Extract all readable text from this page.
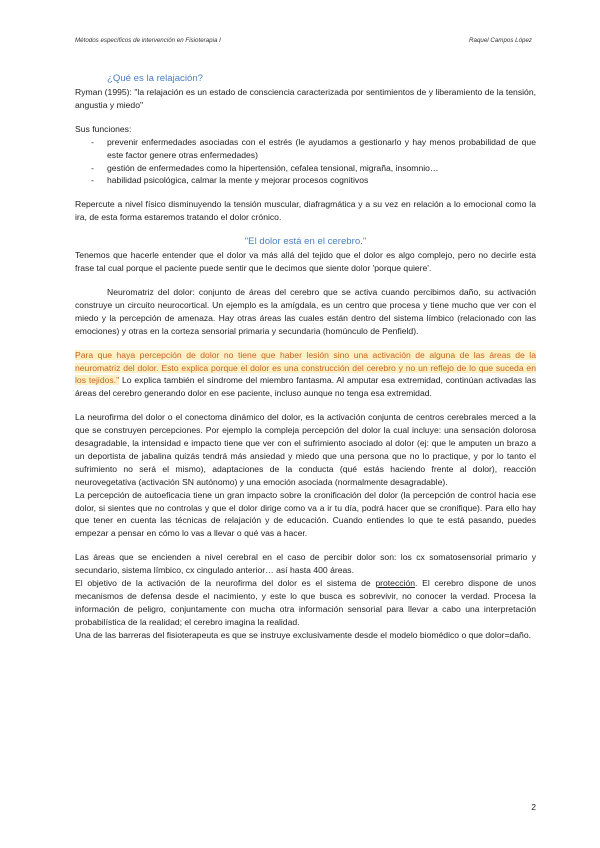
Métodos específicos de intervención en Fisioterapia I	Raquel Campos López
¿Qué es la relajación?

Ryman (1995): "la relajación es un estado de consciencia caracterizada por sentimientos de y liberamiento de la tensión, angustia y miedo"

Sus funciones:

- prevenir enfermedades asociadas con el estrés (le ayudamos a gestionarlo y hay menos probabilidad de que este factor genere otras enfermedades)
- gestión de enfermedades como la hipertensión, cefalea tensional, migraña, insomnio…
- habilidad psicológica, calmar la mente y mejorar procesos cognitivos

Repercute a nivel físico disminuyendo la tensión muscular, diafragmática y a su vez en relación a lo emocional como la ira, de esta forma estaremos tratando el dolor crónico.

"El dolor está en el cerebro."

Tenemos que hacerle entender que el dolor va más allá del tejido que el dolor es algo complejo, pero no decirle esta frase tal cual porque el paciente puede sentir que le decimos que siente dolor 'porque quiere'.

Neuromatriz del dolor: conjunto de áreas del cerebro que se activa cuando percibimos daño, su activación construye un circuito neurocortical. Un ejemplo es la amígdala, es un centro que procesa y tiene mucho que ver con el miedo y la percepción de amenaza. Hay otras áreas las cuales están dentro del sistema límbico (relacionado con las emociones) y otras en la corteza sensorial primaria y secundaria (homúnculo de Penfield).

Para que haya percepción de dolor no tiene que haber lesión sino una activación de alguna de las áreas de la neuromatriz del dolor. Esto explica porque el dolor es una construcción del cerebro y no un reflejo de lo que suceda en los tejidos." Lo explica también el síndrome del miembro fantasma. Al amputar esa extremidad, continúan activadas las áreas del cerebro generando dolor en ese paciente, incluso aunque no tenga esa extremidad.

La neurofirma del dolor o el conectoma dinámico del dolor, es la activación conjunta de centros cerebrales merced a la que se construyen percepciones. Por ejemplo la compleja percepción del dolor la cual incluye: una sensación dolorosa desagradable, la intensidad e impacto tiene que ver con el sufrimiento asociado al dolor (ej: que le amputen un brazo a un deportista de jabalina quizás tendrá más ansiedad y miedo que una persona que no lo practique, y por lo tanto el sufrimiento no será el mismo), adaptaciones de la conducta (qué estás haciendo frente al dolor), reacción neurovegetativa (activación SN autónomo) y una emoción asociada (normalmente desagradable).

La percepción de autoeficacia tiene un gran impacto sobre la cronificación del dolor (la percepción de control hacia ese dolor, si sientes que no controlas y que el dolor dirige como va a ir tu día, podrá hacer que se cronifique). Para ello hay que tener en cuenta las técnicas de relajación y de educación. Cuando entiendes lo que te está pasando, puedes empezar a pensar en cómo lo vas a llevar o qué vas a hacer.

Las áreas que se encienden a nivel cerebral en el caso de percibir dolor son: los cx somatosensorial primario y secundario, sistema límbico, cx cingulado anterior… así hasta 400 áreas.

El objetivo de la activación de la neurofirma del dolor es el sistema de protección. El cerebro dispone de unos mecanismos de defensa desde el nacimiento, y este lo que busca es sobrevivir, no conocer la verdad. Procesa la información de peligro, conjuntamente con mucha otra información sensorial para llevar a cabo una interpretación probabilística de la realidad; el cerebro imagina la realidad.

Una de las barreras del fisioterapeuta es que se instruye exclusivamente desde el modelo biomédico o que dolor=daño.

2
